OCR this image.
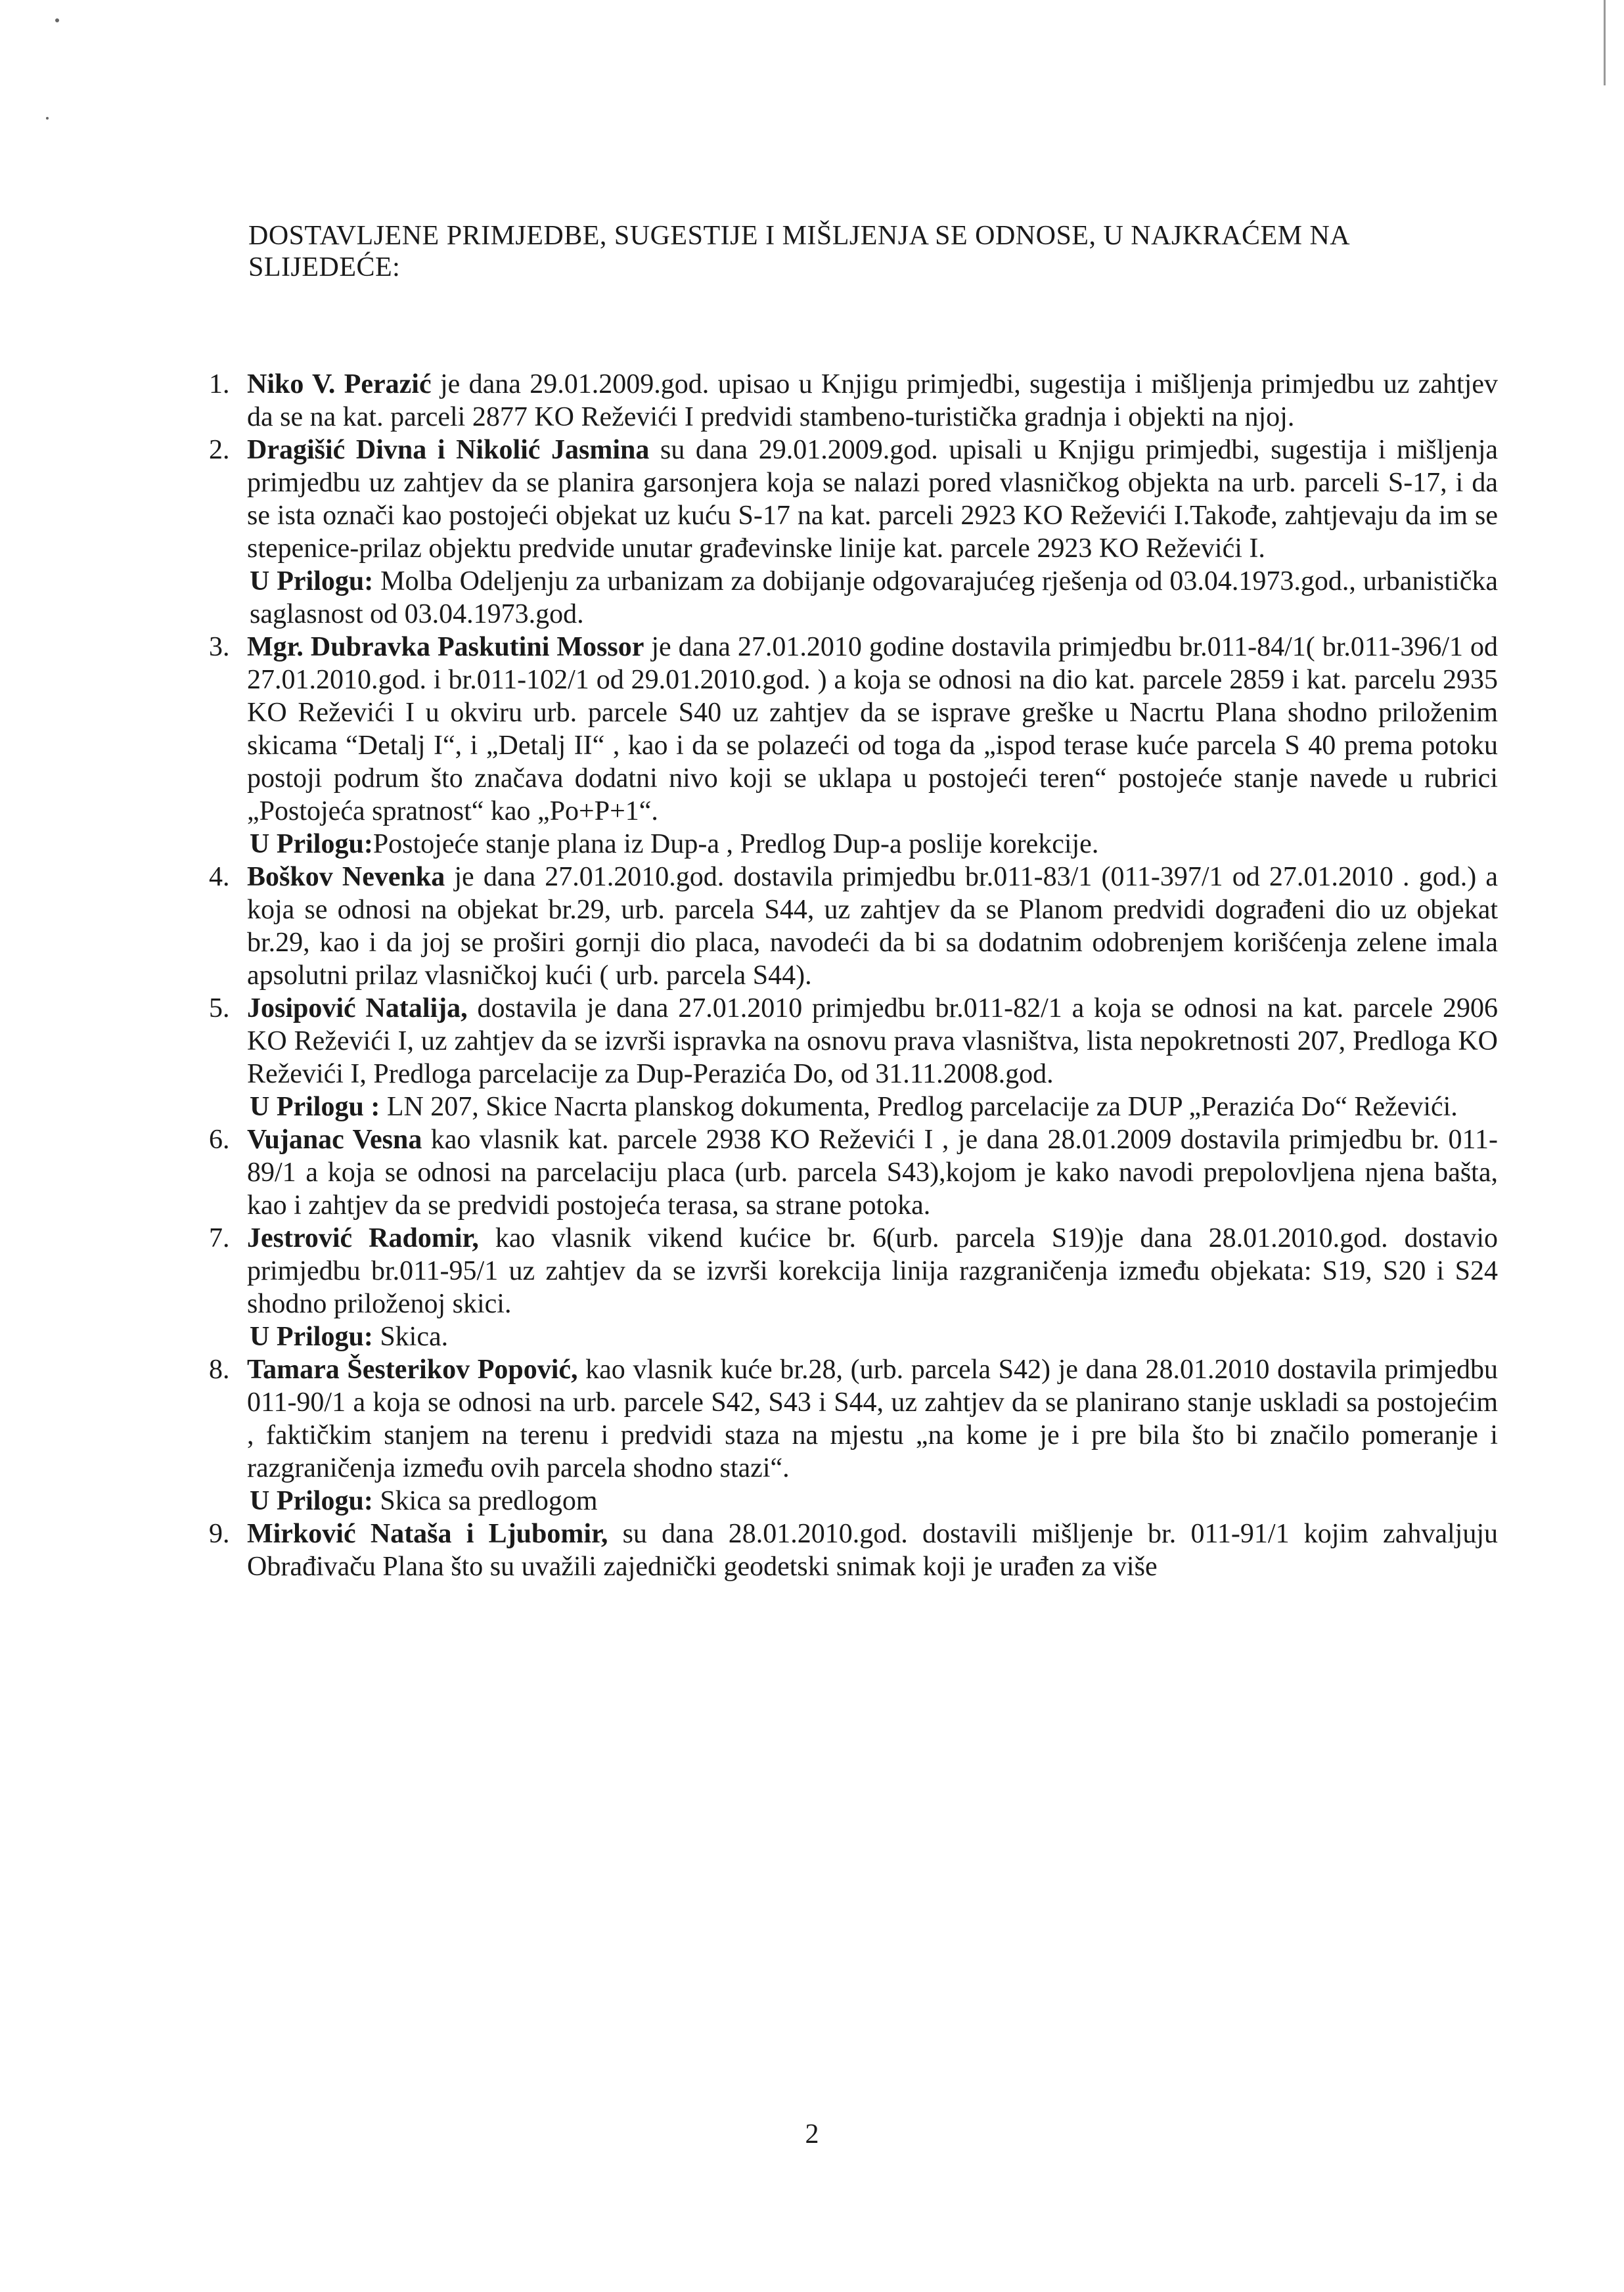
DOSTAVLJENE PRIMJEDBE, SUGESTIJE I MIŠLJENJA SE ODNOSE, U NAJKRAĆEM NA SLIJEDEĆE:
1. Niko V. Perazić je dana 29.01.2009.god. upisao u Knjigu primjedbi, sugestija i mišljenja primjedbu uz zahtjev da se na kat. parceli 2877 KO Reževići I predvidi stambeno-turistička gradnja i objekti na njoj.
2. Dragišić Divna i Nikolić Jasmina su dana 29.01.2009.god. upisali u Knjigu primjedbi, sugestija i mišljenja primjedbu uz zahtjev da se planira garsonjera koja se nalazi pored vlasničkog objekta na urb. parceli S-17, i da se ista označi kao postojeći objekat uz kuću S-17 na kat. parceli 2923 KO Reževići I.Takođe, zahtjevaju da im se stepenice-prilaz objektu predvide unutar građevinske linije kat. parcele 2923 KO Reževići I.
U Prilogu: Molba Odeljenju za urbanizam za dobijanje odgovarajućeg rješenja od 03.04.1973.god., urbanistička saglasnost od 03.04.1973.god.
3. Mgr. Dubravka Paskutini Mossor je dana 27.01.2010 godine dostavila primjedbu br.011-84/1( br.011-396/1 od 27.01.2010.god. i br.011-102/1 od 29.01.2010.god. ) a koja se odnosi na dio kat. parcele 2859 i kat. parcelu 2935 KO Reževići I u okviru urb. parcele S40 uz zahtjev da se isprave greške u Nacrtu Plana shodno priloženim skicama “Detalj I“, i „Detalj II“ , kao i da se polazeći od toga da „ispod terase kuće parcela S 40 prema potoku postoji podrum što značava dodatni nivo koji se uklapa u postojeći teren“ postojeće stanje navede u rubrici „Postojeća spratnost“ kao „Po+P+1“.
U Prilogu:Postojeće stanje plana iz Dup-a , Predlog Dup-a poslije korekcije.
4. Boškov Nevenka je dana 27.01.2010.god. dostavila primjedbu br.011-83/1 (011-397/1 od 27.01.2010 . god.) a koja se odnosi na objekat br.29, urb. parcela S44, uz zahtjev da se Planom predvidi dograđeni dio uz objekat br.29, kao i da joj se proširi gornji dio placa, navodeći da bi sa dodatnim odobrenjem korišćenja zelene imala apsolutni prilaz vlasničkoj kući ( urb. parcela S44).
5. Josipović Natalija, dostavila je dana 27.01.2010 primjedbu br.011-82/1 a koja se odnosi na kat. parcele 2906 KO Reževići I, uz zahtjev da se izvrši ispravka na osnovu prava vlasništva, lista nepokretnosti 207, Predloga KO Reževići I, Predloga parcelacije za Dup-Perazića Do, od 31.11.2008.god.
U Prilogu : LN 207, Skice Nacrta planskog dokumenta, Predlog parcelacije za DUP „Perazića Do“ Reževići.
6. Vujanac Vesna kao vlasnik kat. parcele 2938 KO Reževići I , je dana 28.01.2009 dostavila primjedbu br. 011-89/1 a koja se odnosi na parcelaciju placa (urb. parcela S43),kojom je kako navodi prepolovljena njena bašta, kao i zahtjev da se predvidi postojeća terasa, sa strane potoka.
7. Jestrović Radomir, kao vlasnik vikend kućice br. 6(urb. parcela S19)je dana 28.01.2010.god. dostavio primjedbu br.011-95/1 uz zahtjev da se izvrši korekcija linija razgraničenja između objekata: S19, S20 i S24 shodno priloženoj skici.
U Prilogu: Skica.
8. Tamara Šesterikov Popović, kao vlasnik kuće br.28, (urb. parcela S42) je dana 28.01.2010 dostavila primjedbu 011-90/1 a koja se odnosi na urb. parcele S42, S43 i S44, uz zahtjev da se planirano stanje uskladi sa postojećim , faktičkim stanjem na terenu i predvidi staza na mjestu „na kome je i pre bila što bi značilo pomeranje i razgraničenja između ovih parcela shodno stazi“.
U Prilogu: Skica sa predlogom
9. Mirković Nataša i Ljubomir, su dana 28.01.2010.god. dostavili mišljenje br. 011-91/1 kojim zahvaljuju Obrađivaču Plana što su uvažili zajednički geodetski snimak koji je urađen za više
2
